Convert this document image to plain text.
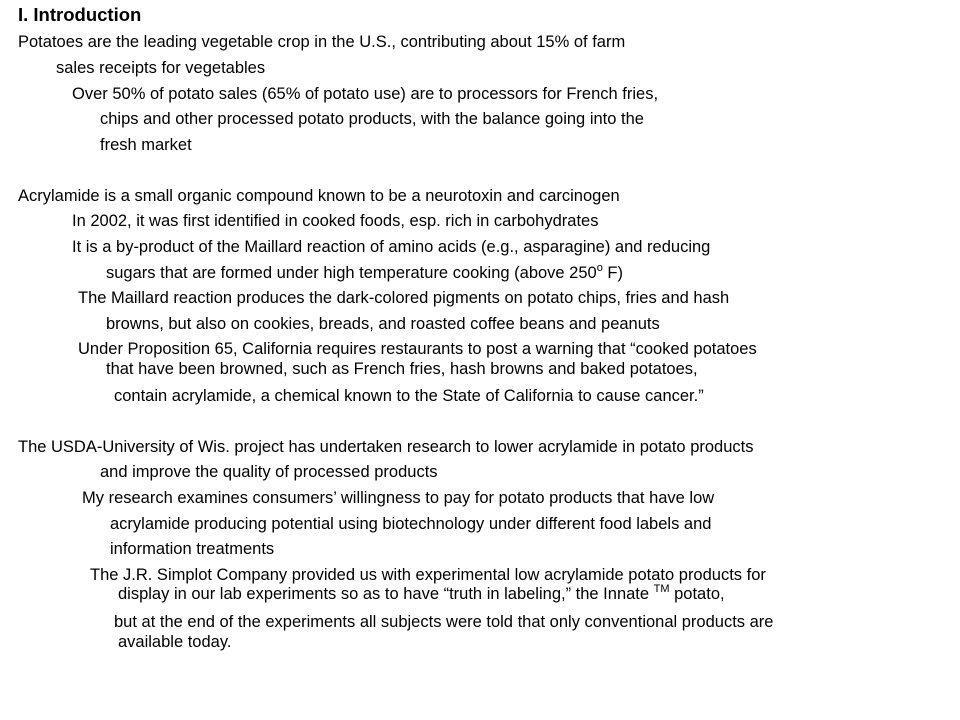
I. Introduction
Potatoes are the leading vegetable crop in the U.S., contributing about 15% of farm
sales receipts for vegetables
Over 50% of potato sales (65% of potato use) are to processors for French fries,
chips and other processed potato products, with the balance going into the
fresh market
Acrylamide is a small organic compound known to be a neurotoxin and carcinogen
In 2002, it was first identified in cooked foods, esp. rich in carbohydrates
It is a by-product of the Maillard reaction of amino acids (e.g., asparagine) and reducing
sugars that are formed under high temperature cooking (above 250$^o$ F)
The Maillard reaction produces the dark-colored pigments on potato chips, fries and hash
browns, but also on cookies, breads, and roasted coffee beans and peanuts
Under Proposition 65, California requires restaurants to post a warning that “cooked potatoes
that have been browned, such as French fries, hash browns and baked potatoes,
contain acrylamide, a chemical known to the State of California to cause cancer.”
The USDA-University of Wis. project has undertaken research to lower acrylamide in potato products
and improve the quality of processed products
My research examines consumers’ willingness to pay for potato products that have low
acrylamide producing potential using biotechnology under different food labels and
information treatments
The J.R. Simplot Company provided us with experimental low acrylamide potato products for
display in our lab experiments so as to have “truth in labeling,” the Innate ™ potato,
but at the end of the experiments all subjects were told that only conventional products are
available today.
